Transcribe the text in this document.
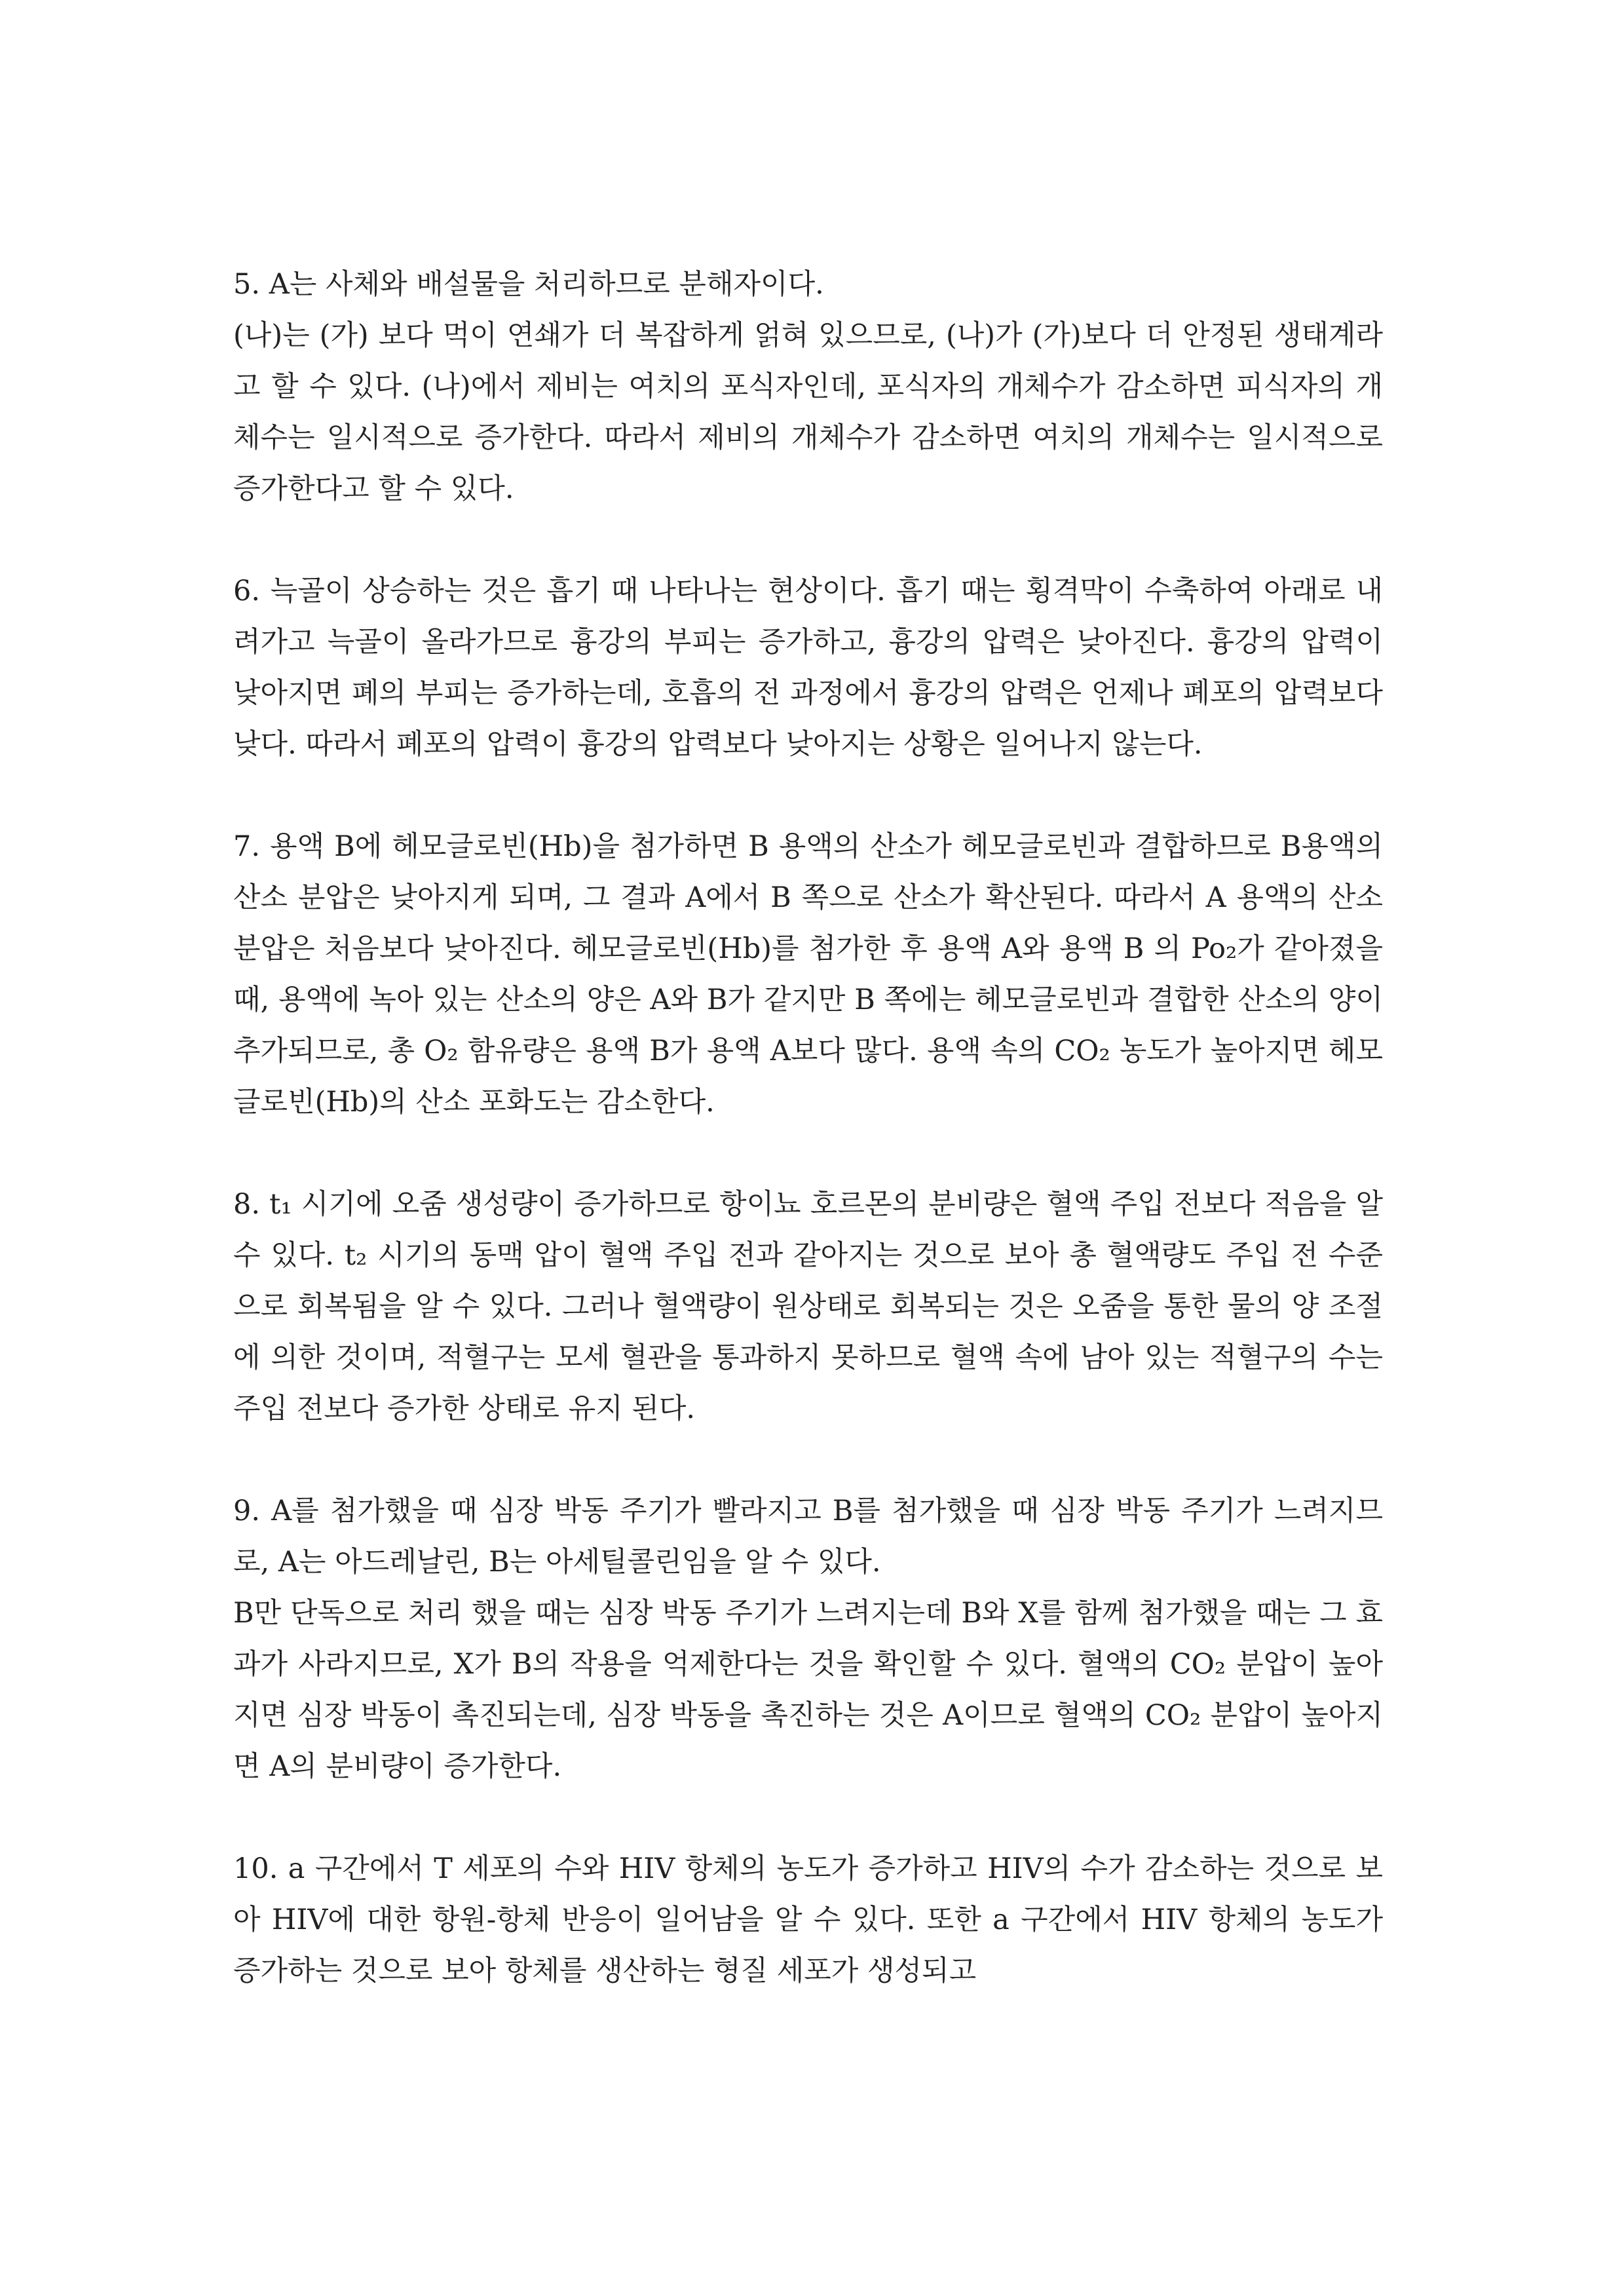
5. A는 사체와 배설물을 처리하므로 분해자이다.

(나)는 (가) 보다 먹이 연쇄가 더 복잡하게 얽혀 있으므로, (나)가 (가)보다 더 안정된 생태계라고 할 수 있다. (나)에서 제비는 여치의 포식자인데, 포식자의 개체수가 감소하면 피식자의 개체수는 일시적으로 증가한다. 따라서 제비의 개체수가 감소하면 여치의 개체수는 일시적으로 증가한다고 할 수 있다.

6. 늑골이 상승하는 것은 흡기 때 나타나는 현상이다. 흡기 때는 횡격막이 수축하여 아래로 내려가고 늑골이 올라가므로 흉강의 부피는 증가하고, 흉강의 압력은 낮아진다. 흉강의 압력이 낮아지면 폐의 부피는 증가하는데, 호흡의 전 과정에서 흉강의 압력은 언제나 폐포의 압력보다 낮다. 따라서 폐포의 압력이 흉강의 압력보다 낮아지는 상황은 일어나지 않는다.

7. 용액 B에 헤모글로빈(Hb)을 첨가하면 B 용액의 산소가 헤모글로빈과 결합하므로 B용액의 산소 분압은 낮아지게 되며, 그 결과 A에서 B 쪽으로 산소가 확산된다. 따라서 A 용액의 산소 분압은 처음보다 낮아진다. 헤모글로빈(Hb)를 첨가한 후 용액 A와 용액 B 의 Po₂가 같아졌을 때, 용액에 녹아 있는 산소의 양은 A와 B가 같지만 B 쪽에는 헤모글로빈과 결합한 산소의 양이 추가되므로, 총 O₂ 함유량은 용액 B가 용액 A보다 많다. 용액 속의 CO₂ 농도가 높아지면 헤모글로빈(Hb)의 산소 포화도는 감소한다.

8. t₁ 시기에 오줌 생성량이 증가하므로 항이뇨 호르몬의 분비량은 혈액 주입 전보다 적음을 알 수 있다. t₂ 시기의 동맥 압이 혈액 주입 전과 같아지는 것으로 보아 총 혈액량도 주입 전 수준으로 회복됨을 알 수 있다. 그러나 혈액량이 원상태로 회복되는 것은 오줌을 통한 물의 양 조절에 의한 것이며, 적혈구는 모세 혈관을 통과하지 못하므로 혈액 속에 남아 있는 적혈구의 수는 주입 전보다 증가한 상태로 유지 된다.

9. A를 첨가했을 때 심장 박동 주기가 빨라지고 B를 첨가했을 때 심장 박동 주기가 느려지므로, A는 아드레날린, B는 아세틸콜린임을 알 수 있다.

B만 단독으로 처리 했을 때는 심장 박동 주기가 느려지는데 B와 X를 함께 첨가했을 때는 그 효과가 사라지므로, X가 B의 작용을 억제한다는 것을 확인할 수 있다. 혈액의 CO₂ 분압이 높아지면 심장 박동이 촉진되는데, 심장 박동을 촉진하는 것은 A이므로 혈액의 CO₂ 분압이 높아지면 A의 분비량이 증가한다.

10. a 구간에서 T 세포의 수와 HIV 항체의 농도가 증가하고 HIV의 수가 감소하는 것으로 보아 HIV에 대한 항원-항체 반응이 일어남을 알 수 있다. 또한 a 구간에서 HIV 항체의 농도가 증가하는 것으로 보아 항체를 생산하는 형질 세포가 생성되고
